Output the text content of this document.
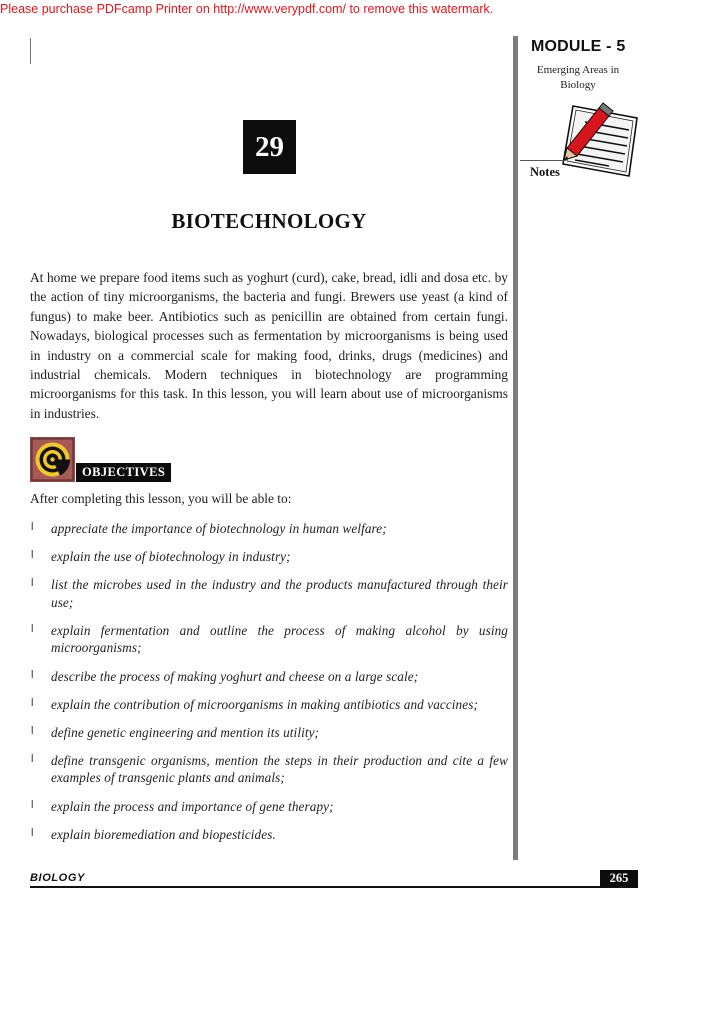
Please purchase PDFcamp Printer on http://www.verypdf.com/ to remove this watermark.
MODULE - 5
Emerging Areas in Biology
Notes
29
BIOTECHNOLOGY

At home we prepare food items such as yoghurt (curd), cake, bread, idli and dosa etc. by the action of tiny microorganisms, the bacteria and fungi. Brewers use yeast (a kind of fungus) to make beer. Antibiotics such as penicillin are obtained from certain fungi. Nowadays, biological processes such as fermentation by microorganisms is being used in industry on a commercial scale for making food, drinks, drugs (medicines) and industrial chemicals. Modern techniques in biotechnology are programming microorganisms for this task. In this lesson, you will learn about use of microorganisms in industries.

OBJECTIVES
After completing this lesson, you will be able to:
l appreciate the importance of biotechnology in human welfare;
l explain the use of biotechnology in industry;
l list the microbes used in the industry and the products manufactured through their use;
l explain fermentation and outline the process of making alcohol by using microorganisms;
l describe the process of making yoghurt and cheese on a large scale;
l explain the contribution of microorganisms in making antibiotics and vaccines;
l define genetic engineering and mention its utility;
l define transgenic organisms, mention the steps in their production and cite a few examples of transgenic plants and animals;
l explain the process and importance of gene therapy;
l explain bioremediation and biopesticides.
BIOLOGY	265
